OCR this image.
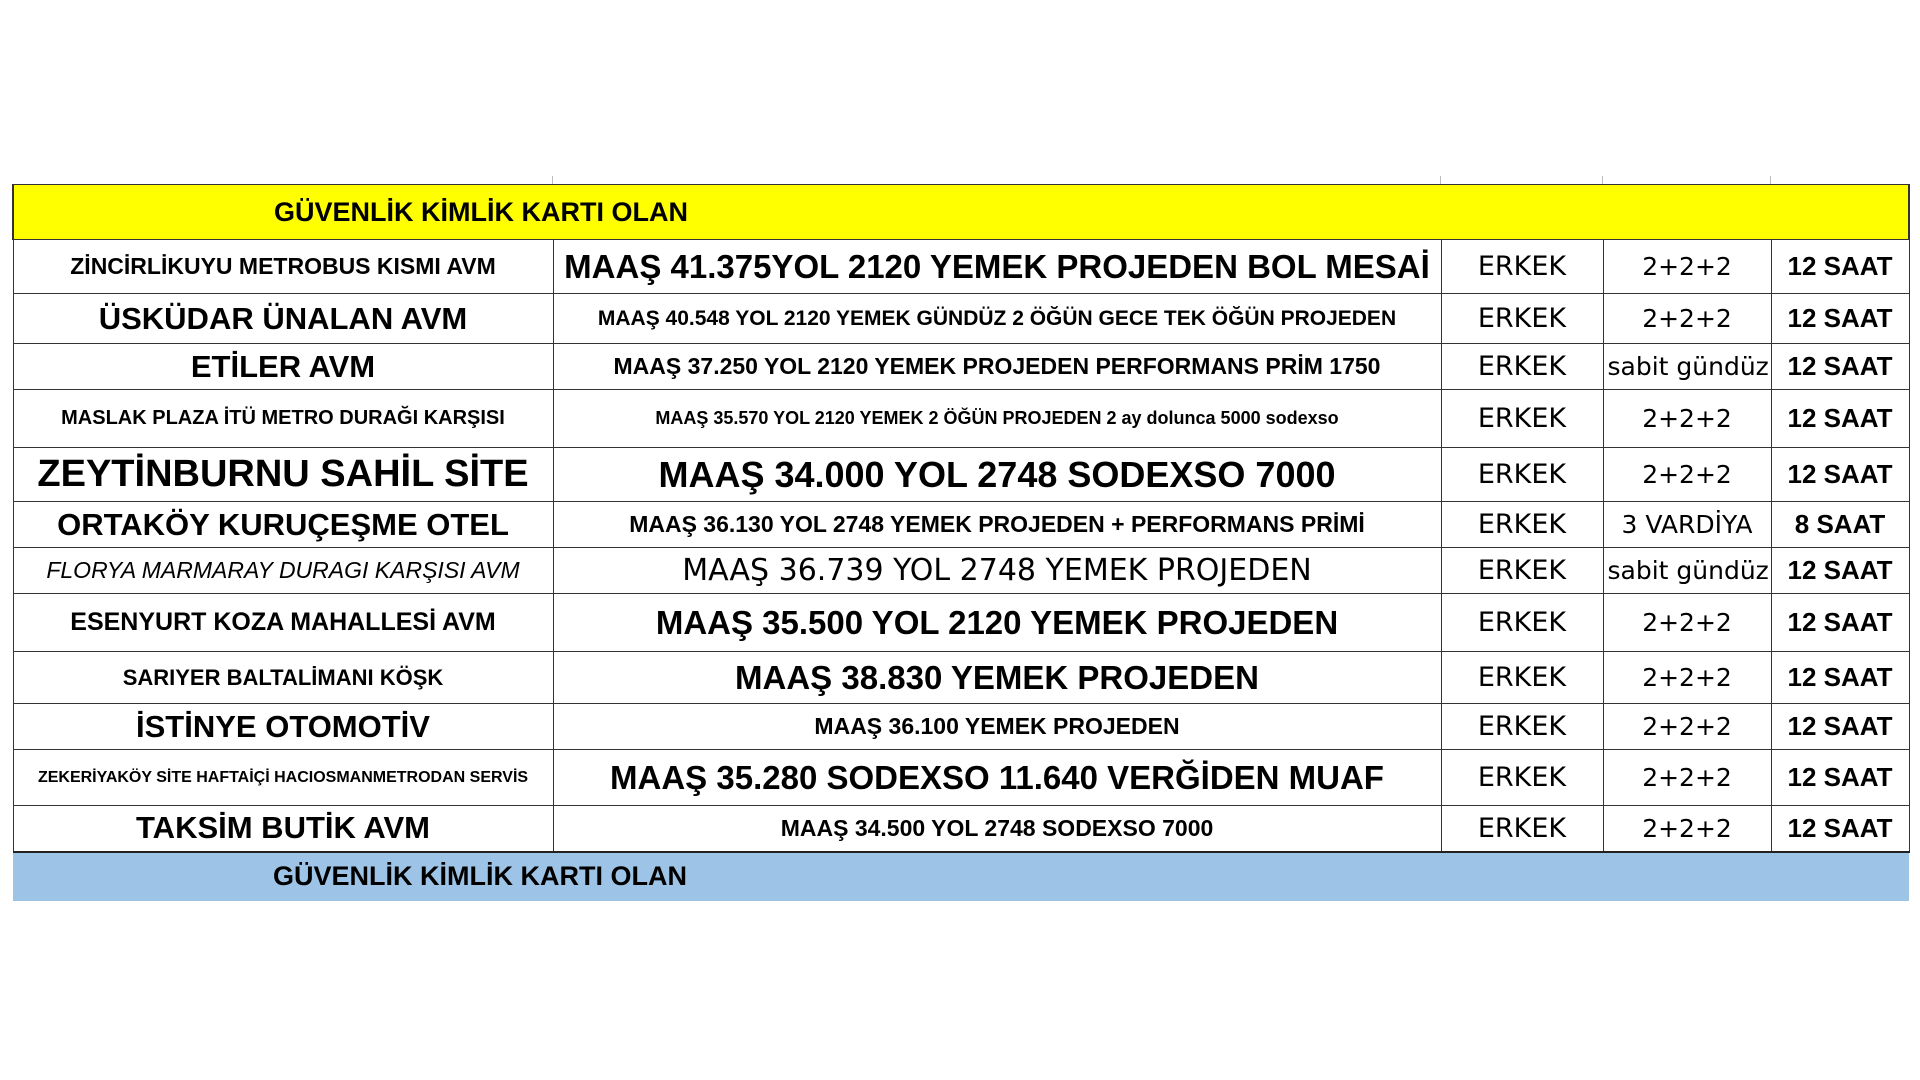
GÜVENLİK KİMLİK KARTI OLAN				
ZİNCİRLİKUYU METROBUS KISMI AVM	MAAŞ 41.375YOL 2120 YEMEK PROJEDEN BOL MESAİ	ERKEK	2+2+2	12 SAAT
ÜSKÜDAR ÜNALAN AVM	MAAŞ 40.548 YOL 2120 YEMEK GÜNDÜZ 2 ÖĞÜN GECE TEK ÖĞÜN PROJEDEN	ERKEK	2+2+2	12 SAAT
ETİLER AVM	MAAŞ 37.250 YOL 2120 YEMEK PROJEDEN PERFORMANS PRİM 1750	ERKEK	sabit gündüz	12 SAAT
MASLAK PLAZA İTÜ METRO DURAĞI KARŞISI	MAAŞ 35.570 YOL 2120 YEMEK 2 ÖĞÜN PROJEDEN 2 ay dolunca 5000 sodexso	ERKEK	2+2+2	12 SAAT
ZEYTİNBURNU SAHİL SİTE	MAAŞ 34.000 YOL 2748 SODEXSO 7000	ERKEK	2+2+2	12 SAAT
ORTAKÖY KURUÇEŞME OTEL	MAAŞ 36.130 YOL 2748 YEMEK PROJEDEN + PERFORMANS PRİMİ	ERKEK	3 VARDİYA	8 SAAT
FLORYA MARMARAY DURAGI KARŞISI AVM	MAAŞ 36.739 YOL 2748 YEMEK PROJEDEN	ERKEK	sabit gündüz	12 SAAT
ESENYURT KOZA MAHALLESİ AVM	MAAŞ 35.500 YOL 2120 YEMEK PROJEDEN	ERKEK	2+2+2	12 SAAT
SARIYER BALTALİMANI KÖŞK	MAAŞ 38.830 YEMEK PROJEDEN	ERKEK	2+2+2	12 SAAT
İSTİNYE OTOMOTİV	MAAŞ 36.100 YEMEK PROJEDEN	ERKEK	2+2+2	12 SAAT
ZEKERİYAKÖY SİTE HAFTAİÇİ HACIOSMANMETRODAN SERVİS	MAAŞ 35.280 SODEXSO 11.640 VERĞİDEN MUAF	ERKEK	2+2+2	12 SAAT
TAKSİM BUTİK AVM	MAAŞ 34.500 YOL 2748 SODEXSO 7000	ERKEK	2+2+2	12 SAAT
GÜVENLİK KİMLİK KARTI OLAN				
